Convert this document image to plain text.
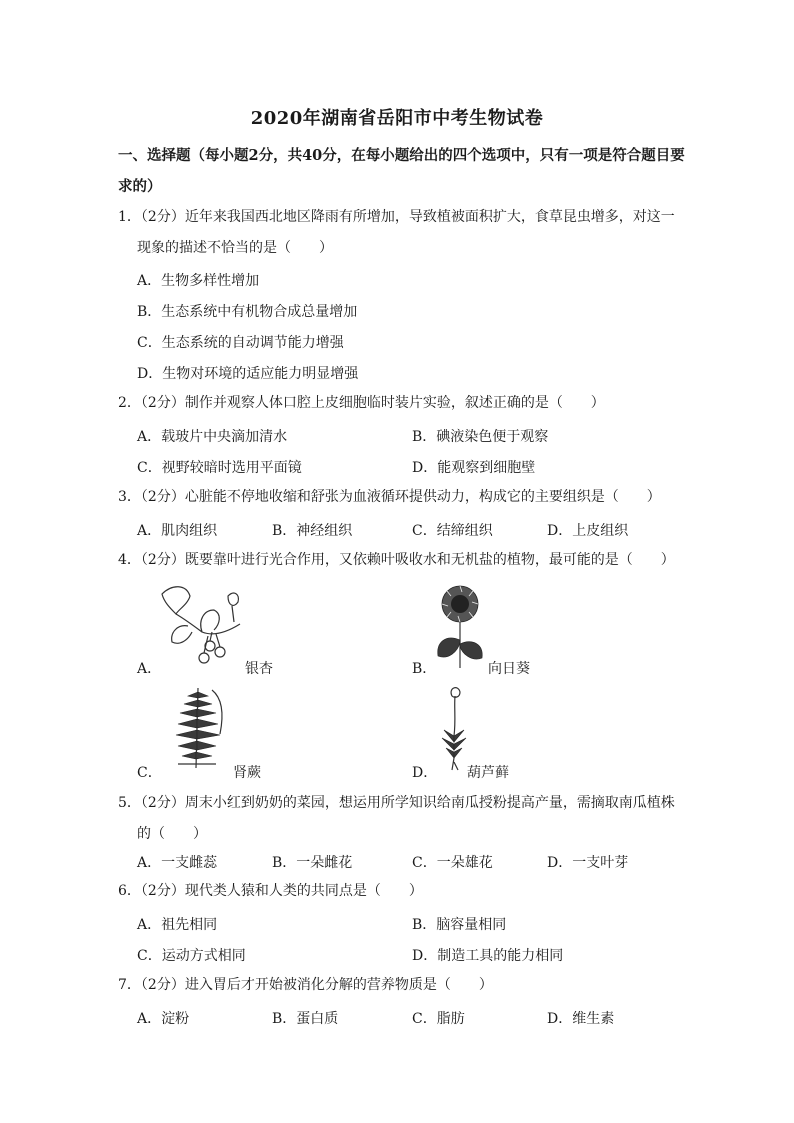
2020年湖南省岳阳市中考生物试卷
一、选择题（每小题2分，共40分，在每小题给出的四个选项中，只有一项是符合题目要
求的）
1．（2分）近年来我国西北地区降雨有所增加，导致植被面积扩大，食草昆虫增多，对这一
现象的描述不恰当的是（　　）
A．生物多样性增加
B．生态系统中有机物合成总量增加
C．生态系统的自动调节能力增强
D．生物对环境的适应能力明显增强
2．（2分）制作并观察人体口腔上皮细胞临时装片实验，叙述正确的是（　　）
A．载玻片中央滴加清水	B．碘液染色便于观察
C．视野较暗时选用平面镜	D．能观察到细胞壁
3．（2分）心脏能不停地收缩和舒张为血液循环提供动力，构成它的主要组织是（　　）
A．肌肉组织	B．神经组织	C．结缔组织	D．上皮组织
4．（2分）既要靠叶进行光合作用，又依赖叶吸收水和无机盐的植物，最可能的是（　　）
A．	银杏	B．	向日葵
C．	肾蕨	D． 葫芦藓
5．（2分）周末小红到奶奶的菜园，想运用所学知识给南瓜授粉提高产量，需摘取南瓜植株
的（　　）
A．一支雌蕊	B．一朵雌花	C．一朵雄花	D．一支叶芽
6．（2分）现代类人猿和人类的共同点是（　　）
A．祖先相同	B．脑容量相同
C．运动方式相同	D．制造工具的能力相同
7．（2分）进入胃后才开始被消化分解的营养物质是（　　）
A．淀粉	B．蛋白质	C．脂肪	D．维生素
